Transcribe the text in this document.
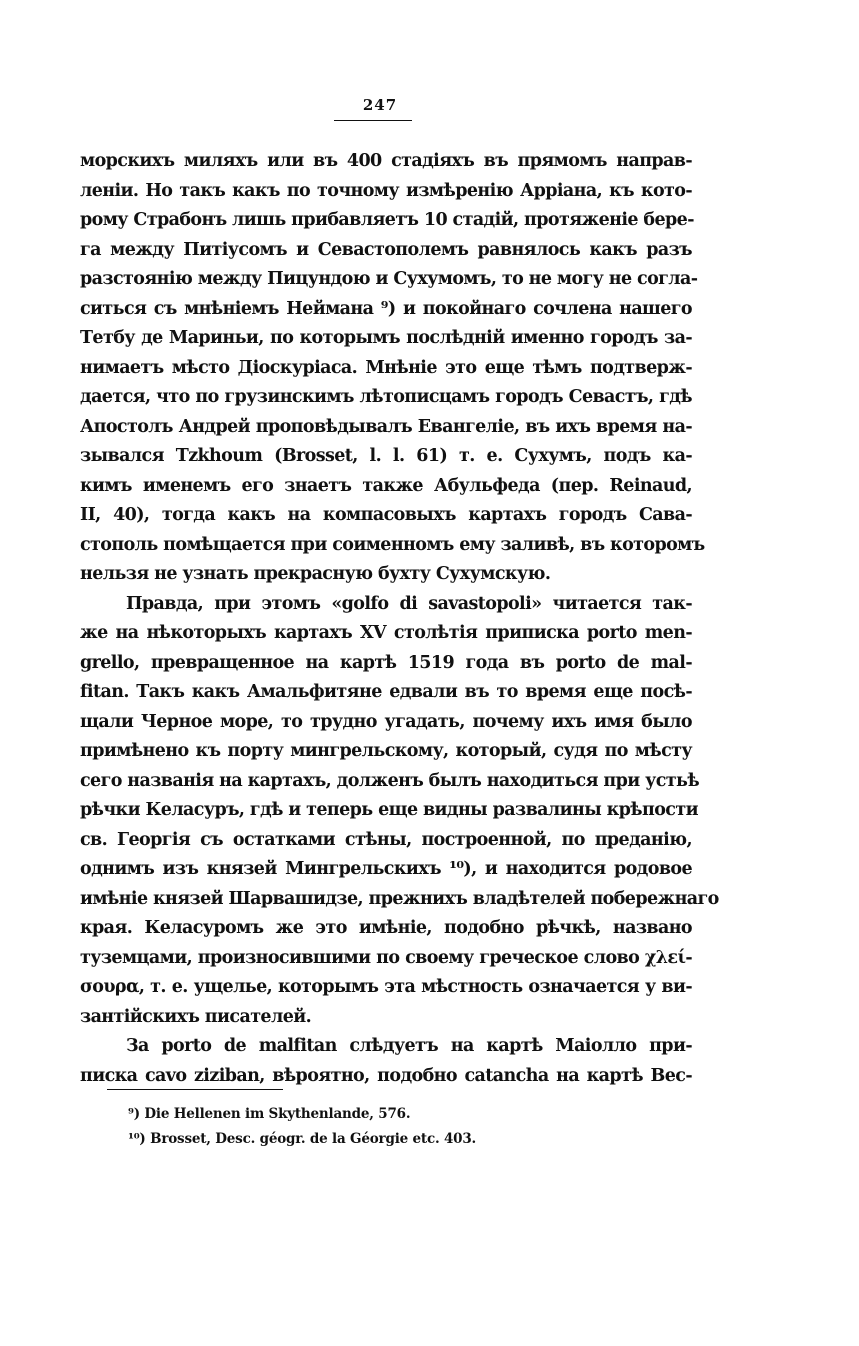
247
морскихъ миляхъ или въ 400 стадіяхъ въ прямомъ направ-
леніи. Но такъ какъ по точному измѣренію Арріана, къ кото-
рому Страбонъ лишь прибавляетъ 10 стадій, протяженіе бере-
га между Питіусомъ и Севастополемъ равнялось какъ разъ
разстоянію между Пицундою и Сухумомъ, то не могу не согла-
ситься съ мнѣніемъ Неймана ⁹) и покойнаго сочлена нашего
Тетбу де Мариньи, по которымъ послѣдній именно городъ за-
нимаетъ мѣсто Діоскуріаса. Мнѣніе это еще тѣмъ подтверж-
дается, что по грузинскимъ лѣтописцамъ городъ Севастъ, гдѣ
Апостолъ Андрей проповѣдывалъ Евангеліе, въ ихъ время на-
зывался Tzkhoum (Brosset, l. l. 61) т. е. Сухумъ, подъ ка-
кимъ именемъ его знаетъ также Абульфеда (пер. Reinaud,
II, 40), тогда какъ на компасовыхъ картахъ городъ Сава-
стополь помѣщается при соименномъ ему заливѣ, въ которомъ
нельзя не узнать прекрасную бухту Сухумскую.
Правда, при этомъ «golfo di savastopoli» читается так-
же на нѣкоторыхъ картахъ XV столѣтія приписка porto men-
grello, превращенное на картѣ 1519 года въ porto de mal-
fitan. Такъ какъ Амальфитяне едвали въ то время еще посѣ-
щали Черное море, то трудно угадать, почему ихъ имя было
примѣнено къ порту мингрельскому, который, судя по мѣсту
сего названія на картахъ, долженъ былъ находиться при устьѣ
рѣчки Келасуръ, гдѣ и теперь еще видны развалины крѣпости
св. Георгія съ остатками стѣны, построенной, по преданію,
однимъ изъ князей Мингрельскихъ ¹⁰), и находится родовое
имѣніе князей Шарвашидзе, прежнихъ владѣтелей побережнаго
края. Келасуромъ же это имѣніе, подобно рѣчкѣ, названо
туземцами, произносившими по своему греческое слово χλεί-
σουρα, т. е. ущелье, которымъ эта мѣстность означается у ви-
зантійскихъ писателей.
За porto de malfitan слѣдуетъ на картѣ Маіолло при-
писка cavo ziziban, вѣроятно, подобно catancha на картѣ Вес-
⁹) Die Hellenen im Skythenlande, 576.
¹⁰) Brosset, Desc. géogr. de la Géorgie etc. 403.
